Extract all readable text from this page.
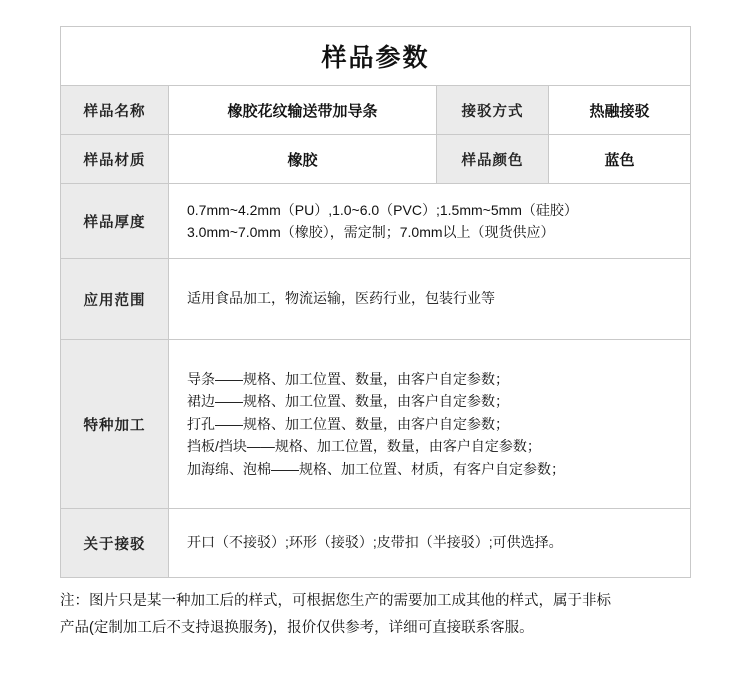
样品参数			
样品名称	橡胶花纹输送带加导条	接驳方式	热融接驳
样品材质	橡胶	样品颜色	蓝色
样品厚度	0.7mm~4.2mm（PU）,1.0~6.0（PVC）;1.5mm~5mm（硅胶）
3.0mm~7.0mm（橡胶），需定制；7.0mm以上（现货供应）		

应用范围	适用食品加工，物流运输，医药行业，包装行业等		
特种加工	导条——规格、加工位置、数量，由客户自定参数；
裙边——规格、加工位置、数量，由客户自定参数；
打孔——规格、加工位置、数量，由客户自定参数；
挡板/挡块——规格、加工位置，数量，由客户自定参数；
加海绵、泡棉——规格、加工位置、材质，有客户自定参数；		

关于接驳	开口（不接驳）;环形（接驳）;皮带扣（半接驳）;可供选择。		

注：图片只是某一种加工后的样式，可根据您生产的需要加工成其他的样式，属于非标

产品(定制加工后不支持退换服务)，报价仅供参考，详细可直接联系客服。
